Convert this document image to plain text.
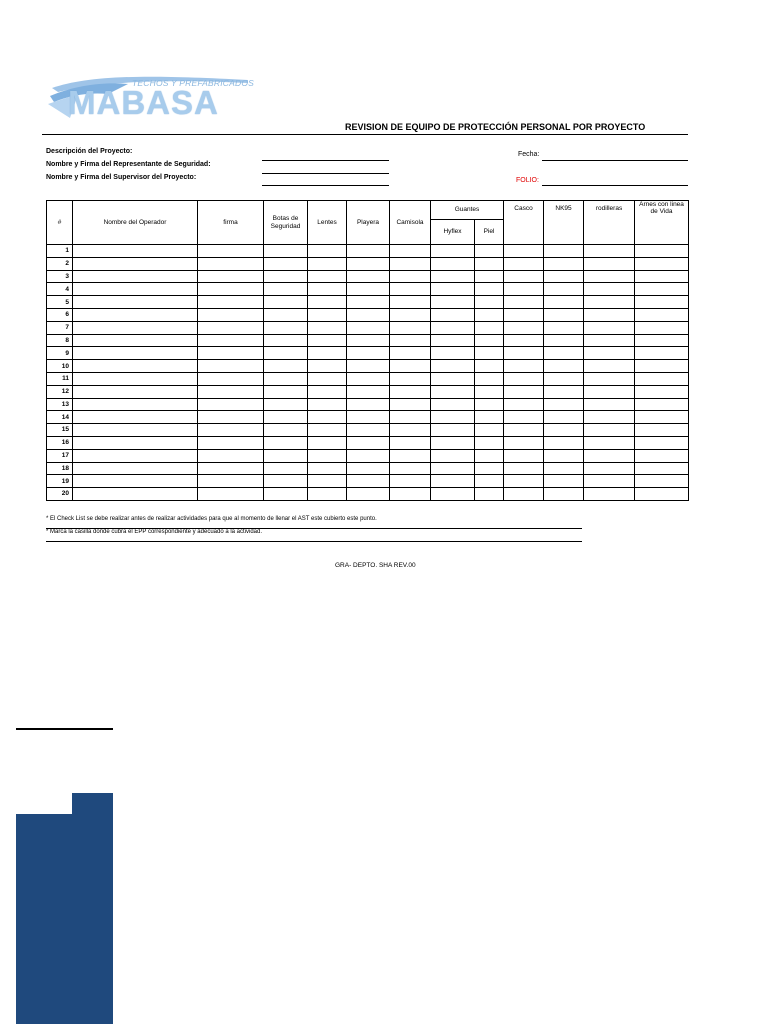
TECHOS Y PREFABRICADOS
MABASA
REVISION DE EQUIPO DE PROTECCIÓN PERSONAL POR PROYECTO
Descripción del Proyecto:
Nombre y Firma del Representante de Seguridad:
Nombre y Firma del Supervisor del Proyecto:
Fecha:
FOLIO:
#	Nombre del Operador	firma	Botas de Seguridad	Lentes	Playera	Camisola	Guantes		Casco	NK95	rodilleras	Arnes con linea de Vida
							Hyflex	Piel				
1												
2												
3												
4												
5												
6												
7												
8												
9												
10												
11												
12												
13												
14												
15												
16												
17												
18												
19												
20												
* El Check List se debe realizar antes de realizar actividades para que al momento de llenar el AST este cubierto este punto.
* Marca la casilla donde cubra el EPP correspondiente y adecuado a la actividad.
GRA- DEPTO. SHA REV.00
